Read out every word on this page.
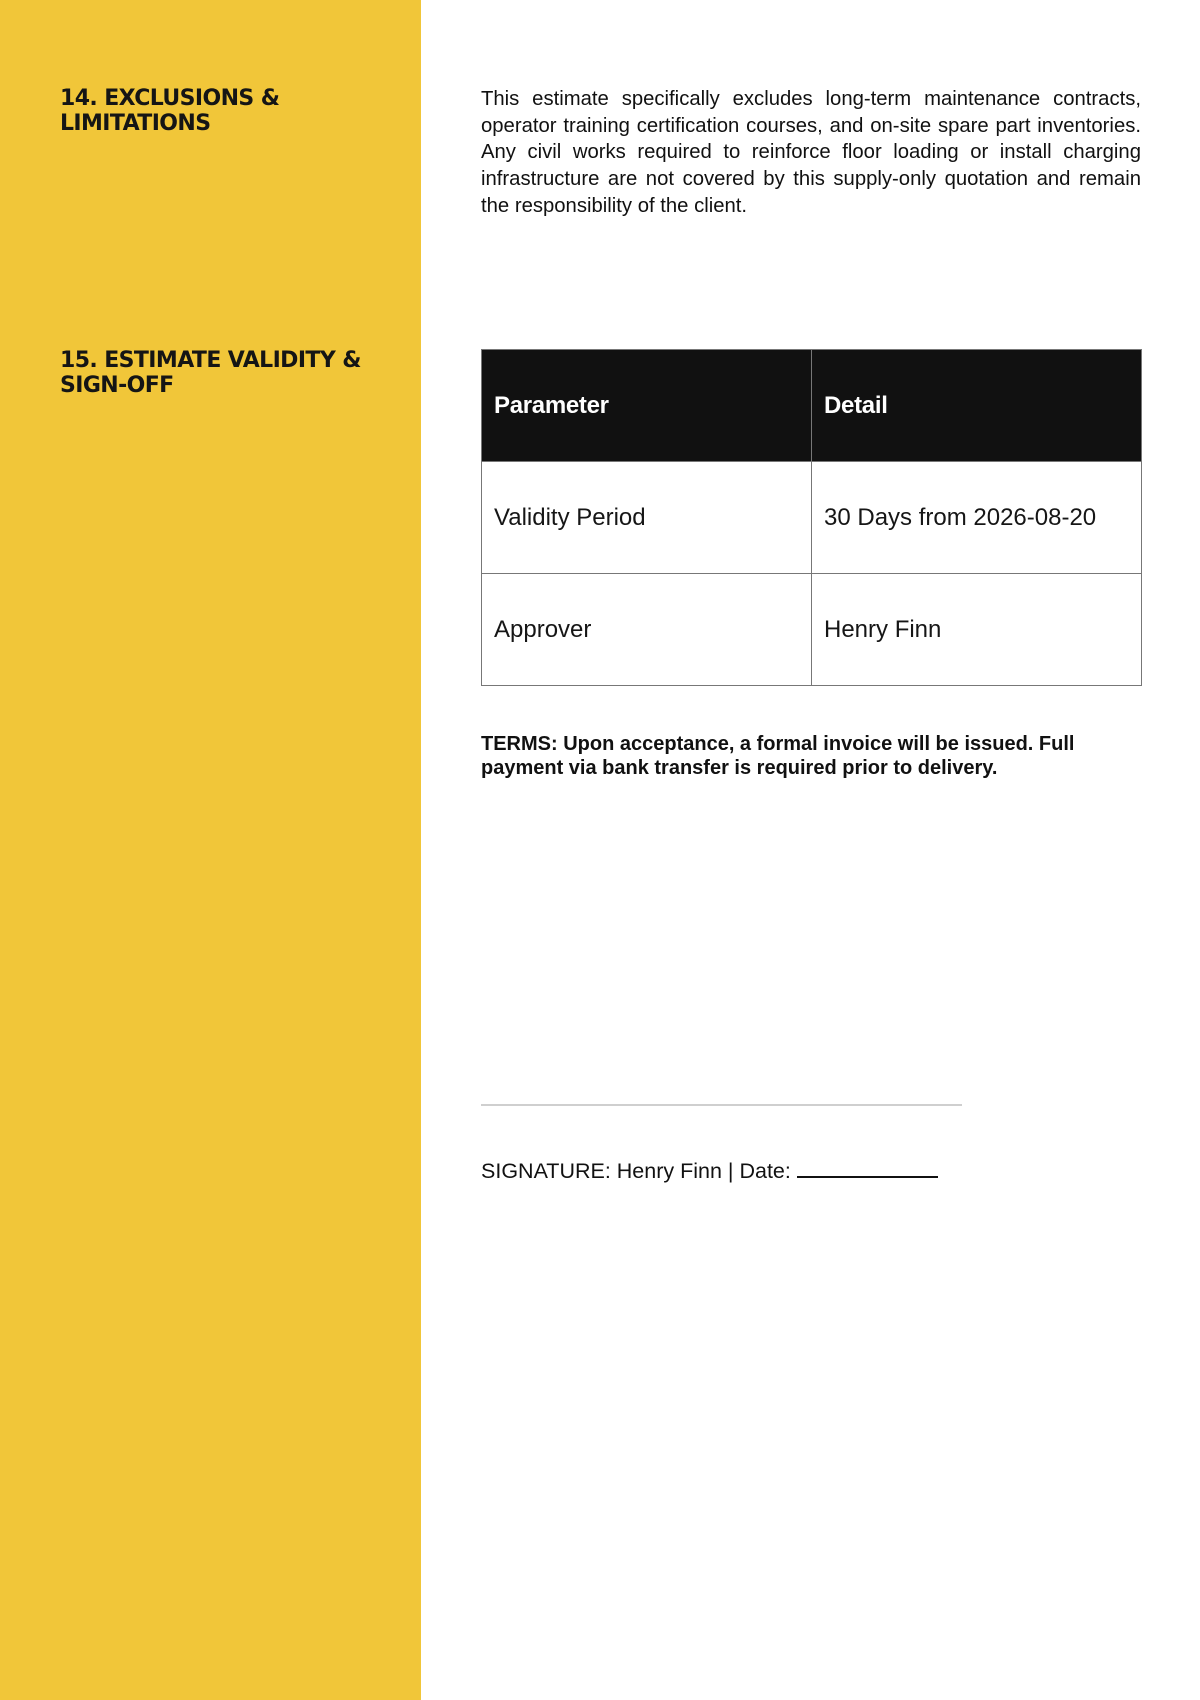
14. EXCLUSIONS & LIMITATIONS
15. ESTIMATE VALIDITY & SIGN-OFF

This estimate specifically excludes long-term maintenance contracts, operator training certification courses, and on-site spare part inventories. Any civil works required to reinforce floor loading or install charging infrastructure are not covered by this supply-only quotation and remain the responsibility of the client.

Parameter	Detail
Validity Period	30 Days from 2026-08-20
Approver	Henry Finn

TERMS: Upon acceptance, a formal invoice will be issued. Full payment via bank transfer is required prior to delivery.

SIGNATURE: Henry Finn | Date:
